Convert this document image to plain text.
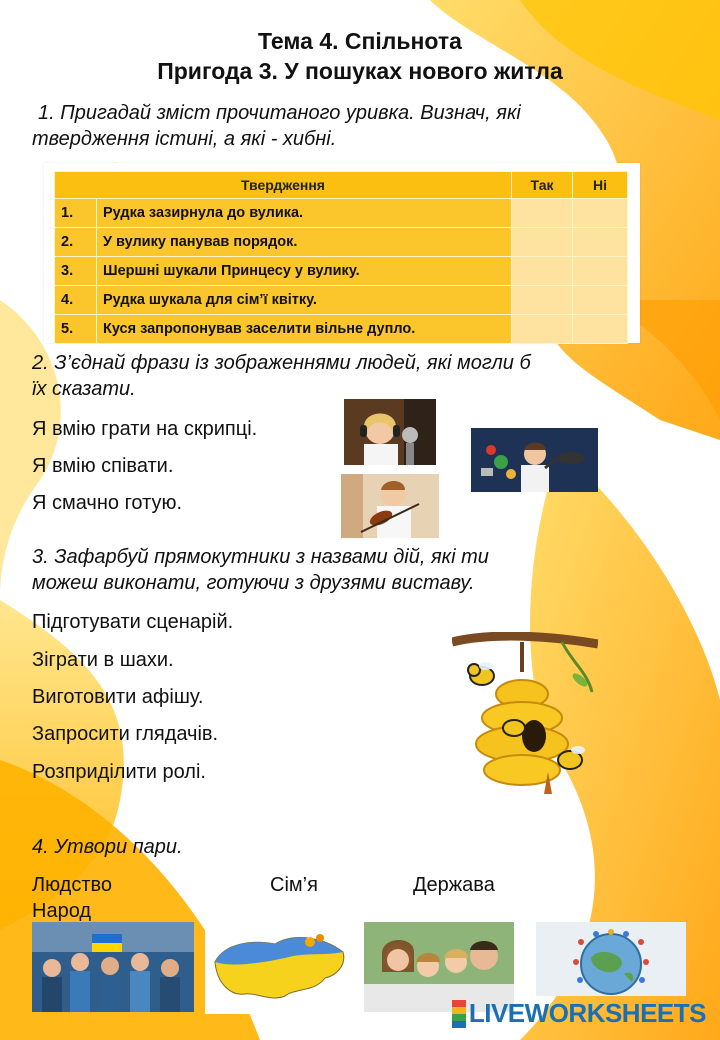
Тема 4. Спільнота
Пригода 3. У пошуках нового житла
1. Пригадай зміст прочитаного уривка. Визнач, які
твердження істині, а які - хибні.
Твердження		Так	Ні
1.	Рудка зазирнула до вулика.		
2.	У вулику панував порядок.		
3.	Шершні шукали Принцесу у вулику.		
4.	Рудка шукала для сім’ї квітку.		
5.	Куся запропонував заселити вільне дупло.		
2. З’єднай фрази із зображеннями людей, які могли б
їх сказати.
Я вмію грати на скрипці.
Я вмію співати.
Я смачно готую.
3. Зафарбуй прямокутники з назвами дій, які ти
можеш виконати, готуючи з друзями виставу.
Підготувати сценарій.
Зіграти в шахи.
Виготовити афішу.
Запросити глядачів.
Розприділити ролі.
4. Утвори пари.
Людство	Сім’я	Держава
Народ
LIVEWORKSHEETS
